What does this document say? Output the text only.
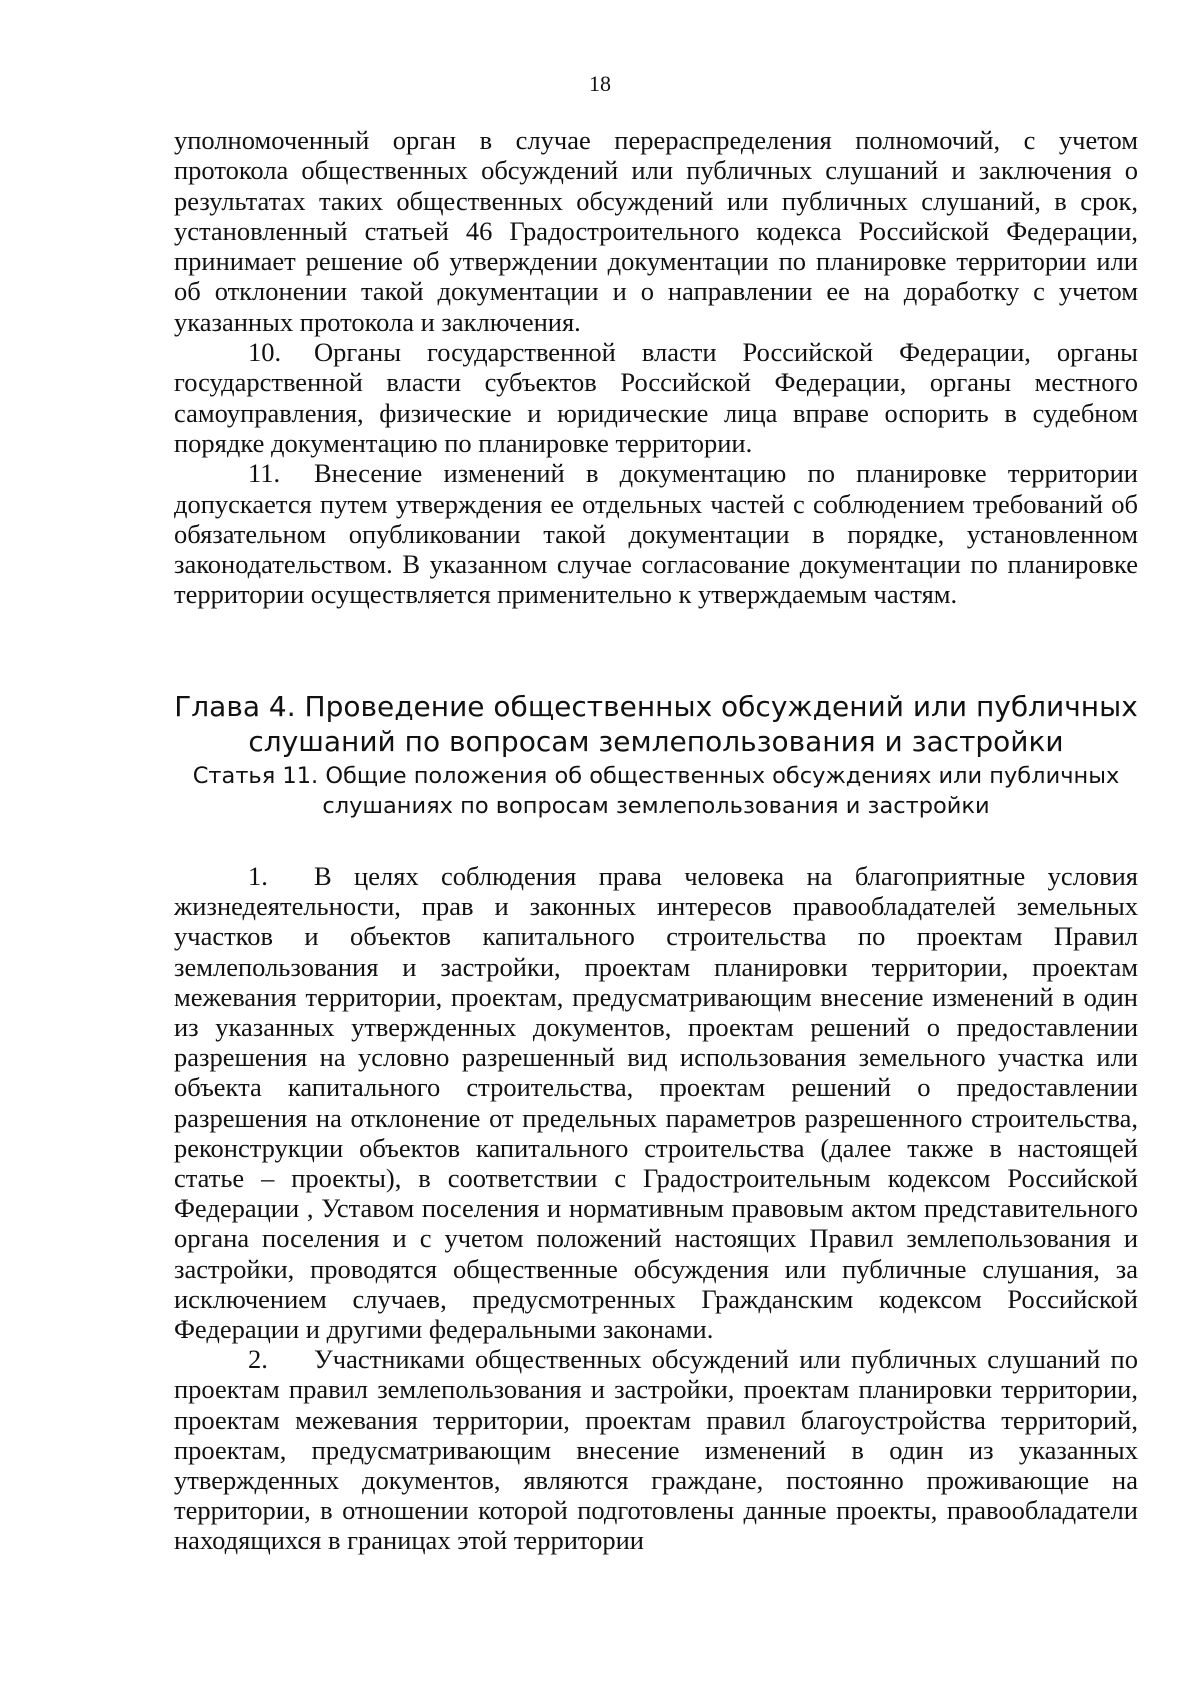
18

уполномоченный орган в случае перераспределения полномочий, с учетом протокола общественных обсуждений или публичных слушаний и заключения о результатах таких общественных обсуждений или публичных слушаний, в срок, установленный статьей 46 Градостроительного кодекса Российской Федерации, принимает решение об утверждении документации по планировке территории или об отклонении такой документации и о направлении ее на доработку с учетом указанных протокола и заключения.

10. Органы государственной власти Российской Федерации, органы государственной власти субъектов Российской Федерации, органы местного самоуправления, физические и юридические лица вправе оспорить в судебном порядке документацию по планировке территории.

11. Внесение изменений в документацию по планировке территории допускается путем утверждения ее отдельных частей с соблюдением требований об обязательном опубликовании такой документации в порядке, установленном законодательством. В указанном случае согласование документации по планировке территории осуществляется применительно к утверждаемым частям.

Глава 4. Проведение общественных обсуждений или публичных слушаний по вопросам землепользования и застройки
Статья 11. Общие положения об общественных обсуждениях или публичных слушаниях по вопросам землепользования и застройки

1. В целях соблюдения права человека на благоприятные условия жизнедеятельности, прав и законных интересов правообладателей земельных участков и объектов капитального строительства по проектам Правил землепользования и застройки, проектам планировки территории, проектам межевания территории, проектам, предусматривающим внесение изменений в один из указанных утвержденных документов, проектам решений о предоставлении разрешения на условно разрешенный вид использования земельного участка или объекта капитального строительства, проектам решений о предоставлении разрешения на отклонение от предельных параметров разрешенного строительства, реконструкции объектов капитального строительства (далее также в настоящей статье – проекты), в соответствии с Градостроительным кодексом Российской Федерации , Уставом поселения и нормативным правовым актом представительного органа поселения и с учетом положений настоящих Правил землепользования и застройки, проводятся общественные обсуждения или публичные слушания, за исключением случаев, предусмотренных Гражданским кодексом Российской Федерации и другими федеральными законами.

2. Участниками общественных обсуждений или публичных слушаний по проектам правил землепользования и застройки, проектам планировки территории, проектам межевания территории, проектам правил благоустройства территорий, проектам, предусматривающим внесение изменений в один из указанных утвержденных документов, являются граждане, постоянно проживающие на территории, в отношении которой подготовлены данные проекты, правообладатели находящихся в границах этой территории
